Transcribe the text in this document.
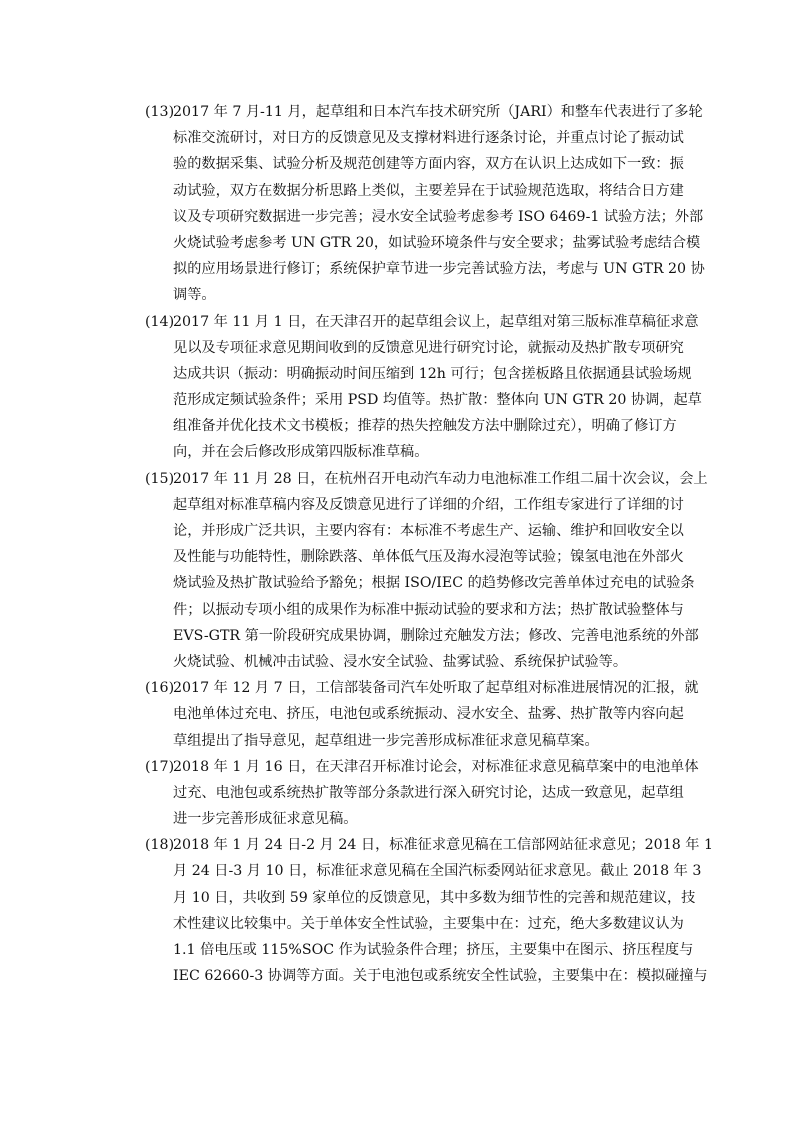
(13)
2017 年 7 月-11 月，起草组和日本汽车技术研究所（JARI）和整车代表进行了多轮
标准交流研讨，对日方的反馈意见及支撑材料进行逐条讨论，并重点讨论了振动试
验的数据采集、试验分析及规范创建等方面内容，双方在认识上达成如下一致：振
动试验，双方在数据分析思路上类似，主要差异在于试验规范选取，将结合日方建
议及专项研究数据进一步完善；浸水安全试验考虑参考 ISO 6469-1 试验方法；外部
火烧试验考虑参考 UN GTR 20，如试验环境条件与安全要求；盐雾试验考虑结合模
拟的应用场景进行修订；系统保护章节进一步完善试验方法，考虑与 UN GTR 20 协
调等。
(14)
2017 年 11 月 1 日，在天津召开的起草组会议上，起草组对第三版标准草稿征求意
见以及专项征求意见期间收到的反馈意见进行研究讨论，就振动及热扩散专项研究
达成共识（振动：明确振动时间压缩到 12h 可行；包含搓板路且依据通县试验场规
范形成定频试验条件；采用 PSD 均值等。热扩散：整体向 UN GTR 20 协调，起草
组准备并优化技术文书模板；推荐的热失控触发方法中删除过充），明确了修订方
向，并在会后修改形成第四版标准草稿。
(15)
2017 年 11 月 28 日，在杭州召开电动汽车动力电池标准工作组二届十次会议，会上
起草组对标准草稿内容及反馈意见进行了详细的介绍，工作组专家进行了详细的讨
论，并形成广泛共识，主要内容有：本标准不考虑生产、运输、维护和回收安全以
及性能与功能特性，删除跌落、单体低气压及海水浸泡等试验；镍氢电池在外部火
烧试验及热扩散试验给予豁免；根据 ISO/IEC 的趋势修改完善单体过充电的试验条
件；以振动专项小组的成果作为标准中振动试验的要求和方法；热扩散试验整体与
EVS-GTR 第一阶段研究成果协调，删除过充触发方法；修改、完善电池系统的外部
火烧试验、机械冲击试验、浸水安全试验、盐雾试验、系统保护试验等。
(16)
2017 年 12 月 7 日，工信部装备司汽车处听取了起草组对标准进展情况的汇报，就
电池单体过充电、挤压，电池包或系统振动、浸水安全、盐雾、热扩散等内容向起
草组提出了指导意见，起草组进一步完善形成标准征求意见稿草案。
(17)
2018 年 1 月 16 日，在天津召开标准讨论会，对标准征求意见稿草案中的电池单体
过充、电池包或系统热扩散等部分条款进行深入研究讨论，达成一致意见，起草组
进一步完善形成征求意见稿。
(18)
2018 年 1 月 24 日-2 月 24 日，标准征求意见稿在工信部网站征求意见；2018 年 1
月 24 日-3 月 10 日，标准征求意见稿在全国汽标委网站征求意见。截止 2018 年 3
月 10 日，共收到 59 家单位的反馈意见，其中多数为细节性的完善和规范建议，技
术性建议比较集中。关于单体安全性试验，主要集中在：过充，绝大多数建议认为
1.1 倍电压或 115%SOC 作为试验条件合理；挤压，主要集中在图示、挤压程度与
IEC 62660-3 协调等方面。关于电池包或系统安全性试验，主要集中在：模拟碰撞与
